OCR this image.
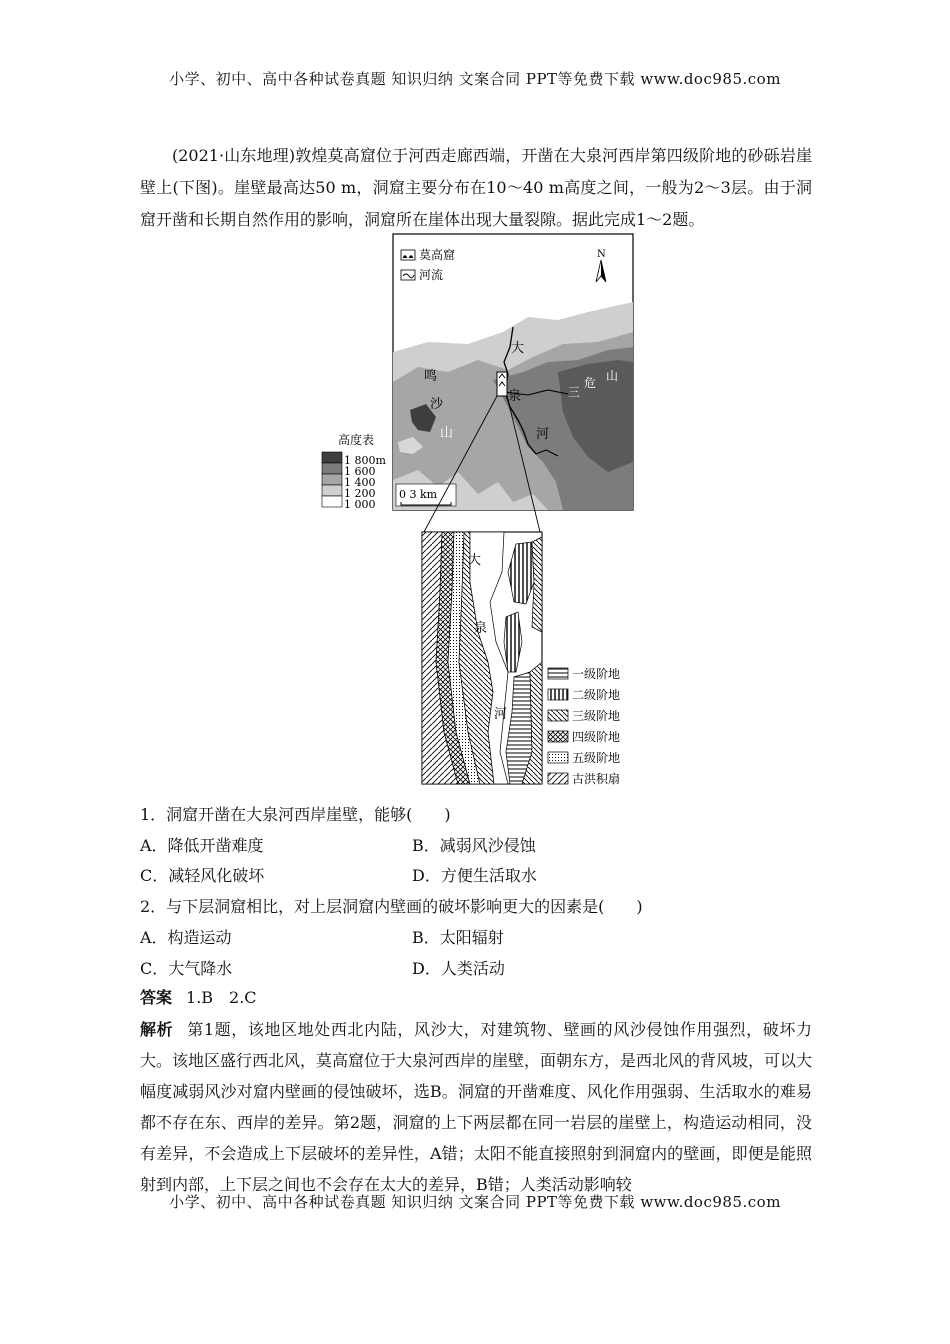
小学、初中、高中各种试卷真题 知识归纳 文案合同 PPT等免费下载 www.doc985.com
(2021·山东地理)敦煌莫高窟位于河西走廊西端，开凿在大泉河西岸第四级阶地的砂砾岩崖壁上(下图)。崖壁最高达50 m，洞窟主要分布在10～40 m高度之间，一般为2～3层。由于洞窟开凿和长期自然作用的影响，洞窟所在崖体出现大量裂隙。据此完成1～2题。
莫高窟
河流
N
大
泉
河
鸣
沙
山
三
危 山
0 3 km
高度表
1 800m
1 600
1 400
1 200
1 000
大
泉
河
一级阶地
二级阶地
三级阶地
四级阶地
五级阶地
古洪积扇
1．洞窟开凿在大泉河西岸崖壁，能够(　　)
A．降低开凿难度	B．减弱风沙侵蚀
C．减轻风化破坏	D．方便生活取水
2．与下层洞窟相比，对上层洞窟内壁画的破坏影响更大的因素是(　　)
A．构造运动	B．太阳辐射
C．大气降水	D．人类活动
答案 1.B　2.C
解析 第1题，该地区地处西北内陆，风沙大，对建筑物、壁画的风沙侵蚀作用强烈，破坏力大。该地区盛行西北风，莫高窟位于大泉河西岸的崖壁，面朝东方，是西北风的背风坡，可以大幅度减弱风沙对窟内壁画的侵蚀破坏，选B。洞窟的开凿难度、风化作用强弱、生活取水的难易都不存在东、西岸的差异。第2题，洞窟的上下两层都在同一岩层的崖壁上，构造运动相同，没有差异，不会造成上下层破坏的差异性，A错；太阳不能直接照射到洞窟内的壁画，即便是能照射到内部，上下层之间也不会存在太大的差异，B错；人类活动影响较
小学、初中、高中各种试卷真题 知识归纳 文案合同 PPT等免费下载 www.doc985.com
